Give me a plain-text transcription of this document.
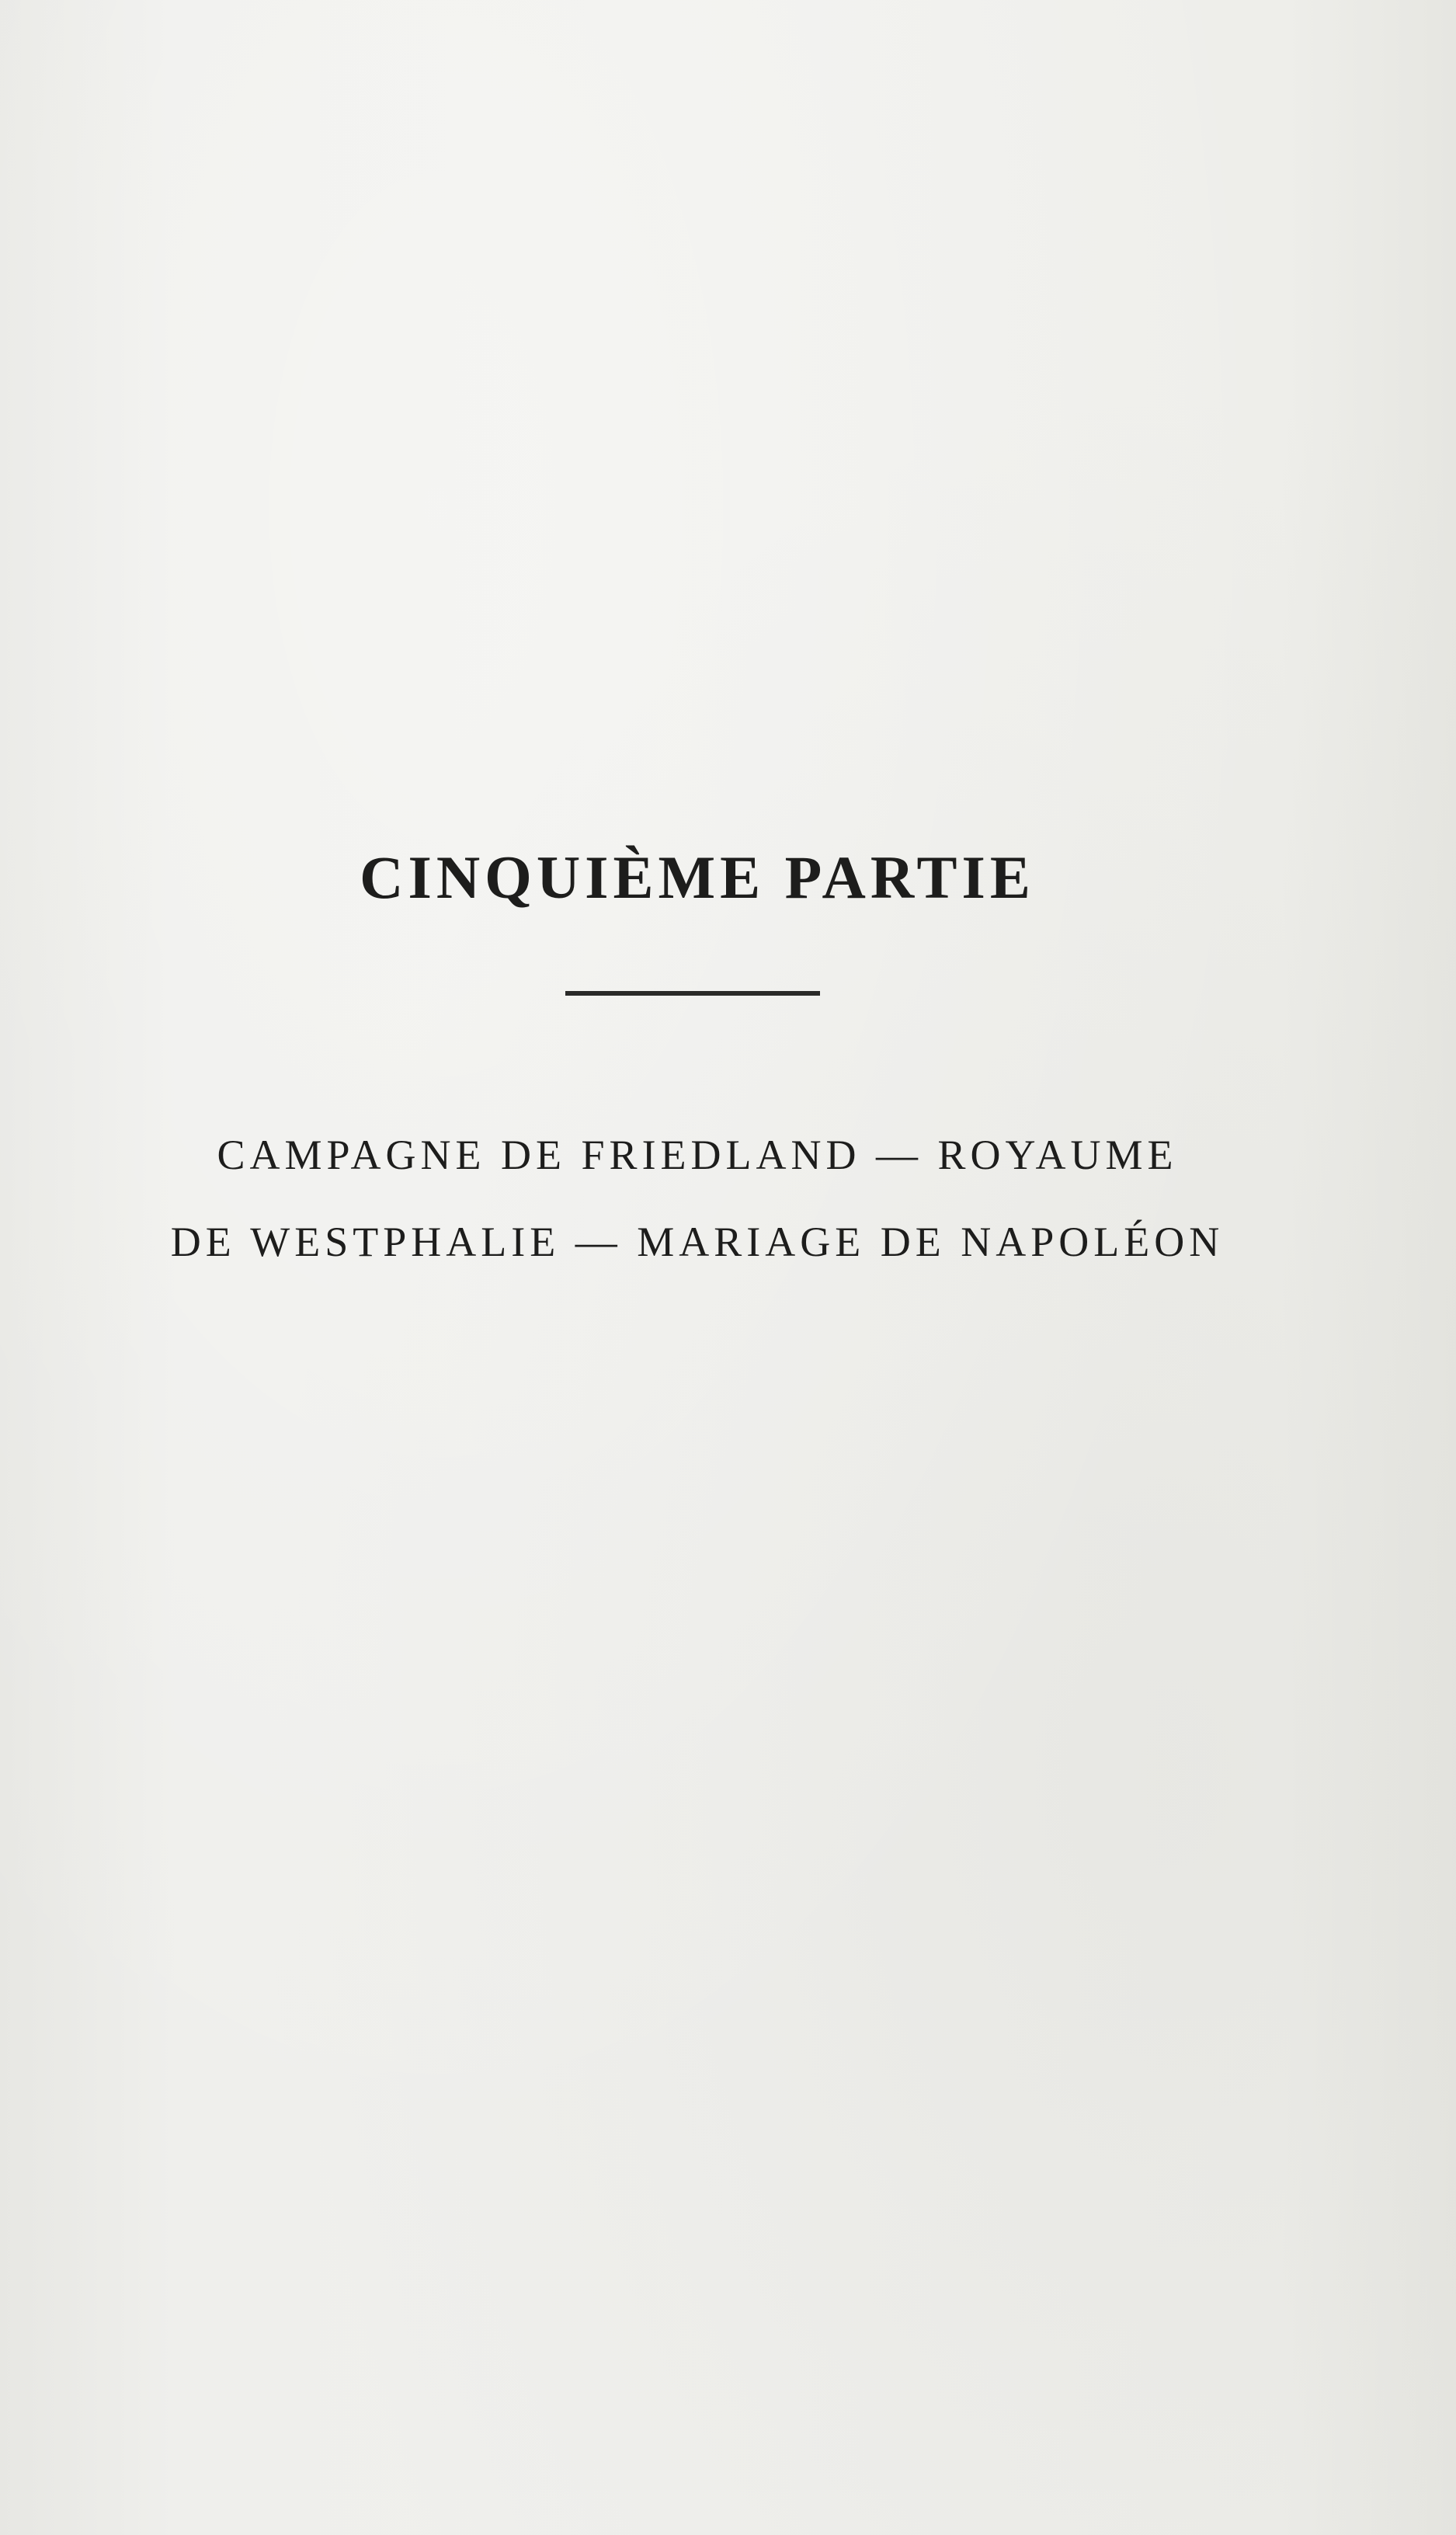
CINQUIÈME PARTIE
CAMPAGNE DE FRIEDLAND — ROYAUME
DE WESTPHALIE — MARIAGE DE NAPOLÉON
